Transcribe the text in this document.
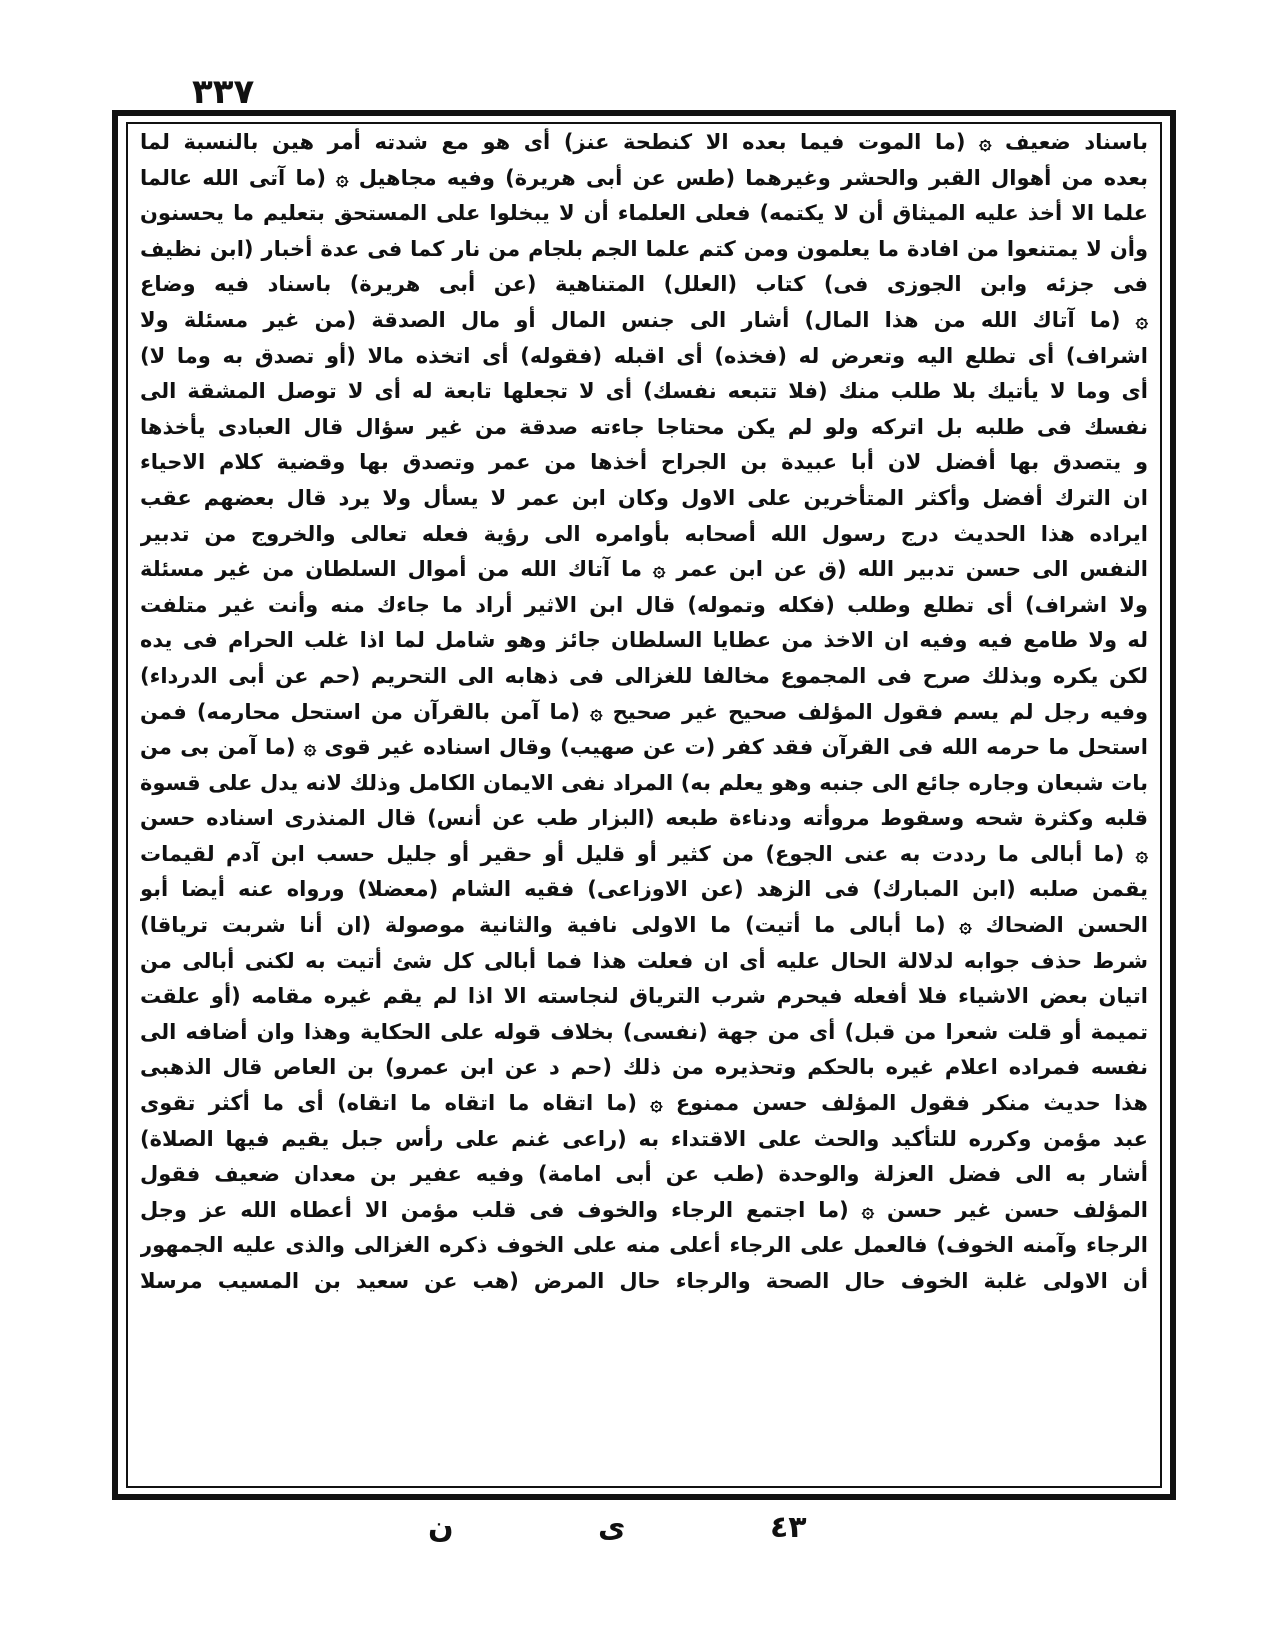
٣٣٧
باسناد ضعيف ۞ (ما الموت فيما بعده الا كنطحة عنز) أى هو مع شدته أمر هين بالنسبة لما
بعده من أهوال القبر والحشر وغيرهما (طس عن أبى هريرة) وفيه مجاهيل ۞ (ما آتى الله عالما
علما الا أخذ عليه الميثاق أن لا يكتمه) فعلى العلماء أن لا يبخلوا على المستحق بتعليم ما يحسنون
وأن لا يمتنعوا من افادة ما يعلمون ومن كتم علما الجم بلجام من نار كما فى عدة أخبار (ابن نظيف
فى جزئه وابن الجوزى فى) كتاب (العلل) المتناهية (عن أبى هريرة) باسناد فيه وضاع
۞ (ما آتاك الله من هذا المال) أشار الى جنس المال أو مال الصدقة (من غير مسئلة ولا
اشراف) أى تطلع اليه وتعرض له (فخذه) أى اقبله (فقوله) أى اتخذه مالا (أو تصدق به وما لا)
أى وما لا يأتيك بلا طلب منك (فلا تتبعه نفسك) أى لا تجعلها تابعة له أى لا توصل المشقة الى
نفسك فى طلبه بل اتركه ولو لم يكن محتاجا جاءته صدقة من غير سؤال قال العبادى يأخذها
و يتصدق بها أفضل لان أبا عبيدة بن الجراح أخذها من عمر وتصدق بها وقضية كلام الاحياء
ان الترك أفضل وأكثر المتأخرين على الاول وكان ابن عمر لا يسأل ولا يرد قال بعضهم عقب
ايراده هذا الحديث درج رسول الله أصحابه بأوامره الى رؤية فعله تعالى والخروج من تدبير
النفس الى حسن تدبير الله (ق عن ابن عمر ۞ ما آتاك الله من أموال السلطان من غير مسئلة
ولا اشراف) أى تطلع وطلب (فكله وتموله) قال ابن الاثير أراد ما جاءك منه وأنت غير متلفت
له ولا طامع فيه وفيه ان الاخذ من عطايا السلطان جائز وهو شامل لما اذا غلب الحرام فى يده
لكن يكره وبذلك صرح فى المجموع مخالفا للغزالى فى ذهابه الى التحريم (حم عن أبى الدرداء)
وفيه رجل لم يسم فقول المؤلف صحيح غير صحيح ۞ (ما آمن بالقرآن من استحل محارمه) فمن
استحل ما حرمه الله فى القرآن فقد كفر (ت عن صهيب) وقال اسناده غير قوى ۞ (ما آمن بى من
بات شبعان وجاره جائع الى جنبه وهو يعلم به) المراد نفى الايمان الكامل وذلك لانه يدل على قسوة
قلبه وكثرة شحه وسقوط مروأته ودناءة طبعه (البزار طب عن أنس) قال المنذرى اسناده حسن
۞ (ما أبالى ما رددت به عنى الجوع) من كثير أو قليل أو حقير أو جليل حسب ابن آدم لقيمات
يقمن صلبه (ابن المبارك) فى الزهد (عن الاوزاعى) فقيه الشام (معضلا) ورواه عنه أيضا أبو
الحسن الضحاك ۞ (ما أبالى ما أتيت) ما الاولى نافية والثانية موصولة (ان أنا شربت ترياقا)
شرط حذف جوابه لدلالة الحال عليه أى ان فعلت هذا فما أبالى كل شئ أتيت به لكنى أبالى من
اتيان بعض الاشياء فلا أفعله فيحرم شرب الترياق لنجاسته الا اذا لم يقم غيره مقامه (أو علقت
تميمة أو قلت شعرا من قبل) أى من جهة (نفسى) بخلاف قوله على الحكاية وهذا وان أضافه الى
نفسه فمراده اعلام غيره بالحكم وتحذيره من ذلك (حم د عن ابن عمرو) بن العاص قال الذهبى
هذا حديث منكر فقول المؤلف حسن ممنوع ۞ (ما اتقاه ما اتقاه ما اتقاه) أى ما أكثر تقوى
عبد مؤمن وكرره للتأكيد والحث على الاقتداء به (راعى غنم على رأس جبل يقيم فيها الصلاة)
أشار به الى فضل العزلة والوحدة (طب عن أبى امامة) وفيه عفير بن معدان ضعيف فقول
المؤلف حسن غير حسن ۞ (ما اجتمع الرجاء والخوف فى قلب مؤمن الا أعطاه الله عز وجل
الرجاء وآمنه الخوف) فالعمل على الرجاء أعلى منه على الخوف ذكره الغزالى والذى عليه الجمهور
أن الاولى غلبة الخوف حال الصحة والرجاء حال المرض (هب عن سعيد بن المسيب مرسلا
ن	ى	٤٣
